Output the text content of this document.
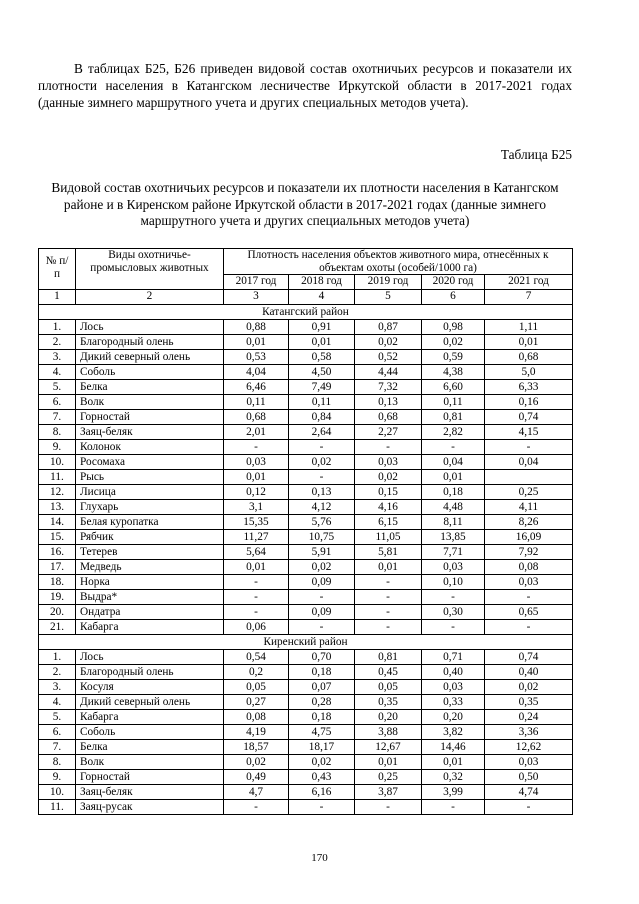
В таблицах Б25, Б26 приведен видовой состав охотничьих ресурсов и показатели их плотности населения в Катангском лесничестве Иркутской области в 2017-2021 годах (данные зимнего маршрутного учета и других специальных методов учета).

Таблица Б25
Видовой состав охотничьих ресурсов и показатели их плотности населения в Катангском районе и в Киренском районе Иркутской области в 2017-2021 годах (данные зимнего маршрутного учета и других специальных методов учета)
№ п/п	Виды охотничье-промысловых животных	Плотность населения объектов животного мира, отнесённых к объектам охоты (особей/1000 га)				
		2017 год	2018 год	2019 год	2020 год	2021 год
1	2	3	4	5	6	7
Катангский район						
1.	Лось	0,88	0,91	0,87	0,98	1,11
2.	Благородный олень	0,01	0,01	0,02	0,02	0,01
3.	Дикий северный олень	0,53	0,58	0,52	0,59	0,68
4.	Соболь	4,04	4,50	4,44	4,38	5,0
5.	Белка	6,46	7,49	7,32	6,60	6,33
6.	Волк	0,11	0,11	0,13	0,11	0,16
7.	Горностай	0,68	0,84	0,68	0,81	0,74
8.	Заяц-беляк	2,01	2,64	2,27	2,82	4,15
9.	Колонок	-	-	-	-	-
10.	Росомаха	0,03	0,02	0,03	0,04	0,04
11.	Рысь	0,01	-	0,02	0,01	
12.	Лисица	0,12	0,13	0,15	0,18	0,25
13.	Глухарь	3,1	4,12	4,16	4,48	4,11
14.	Белая куропатка	15,35	5,76	6,15	8,11	8,26
15.	Рябчик	11,27	10,75	11,05	13,85	16,09
16.	Тетерев	5,64	5,91	5,81	7,71	7,92
17.	Медведь	0,01	0,02	0,01	0,03	0,08
18.	Норка	-	0,09	-	0,10	0,03
19.	Выдра*	-	-	-	-	-
20.	Ондатра	-	0,09	-	0,30	0,65
21.	Кабарга	0,06	-	-	-	-
Киренский район						
1.	Лось	0,54	0,70	0,81	0,71	0,74
2.	Благородный олень	0,2	0,18	0,45	0,40	0,40
3.	Косуля	0,05	0,07	0,05	0,03	0,02
4.	Дикий северный олень	0,27	0,28	0,35	0,33	0,35
5.	Кабарга	0,08	0,18	0,20	0,20	0,24
6.	Соболь	4,19	4,75	3,88	3,82	3,36
7.	Белка	18,57	18,17	12,67	14,46	12,62
8.	Волк	0,02	0,02	0,01	0,01	0,03
9.	Горностай	0,49	0,43	0,25	0,32	0,50
10.	Заяц-беляк	4,7	6,16	3,87	3,99	4,74
11.	Заяц-русак	-	-	-	-	-
170
